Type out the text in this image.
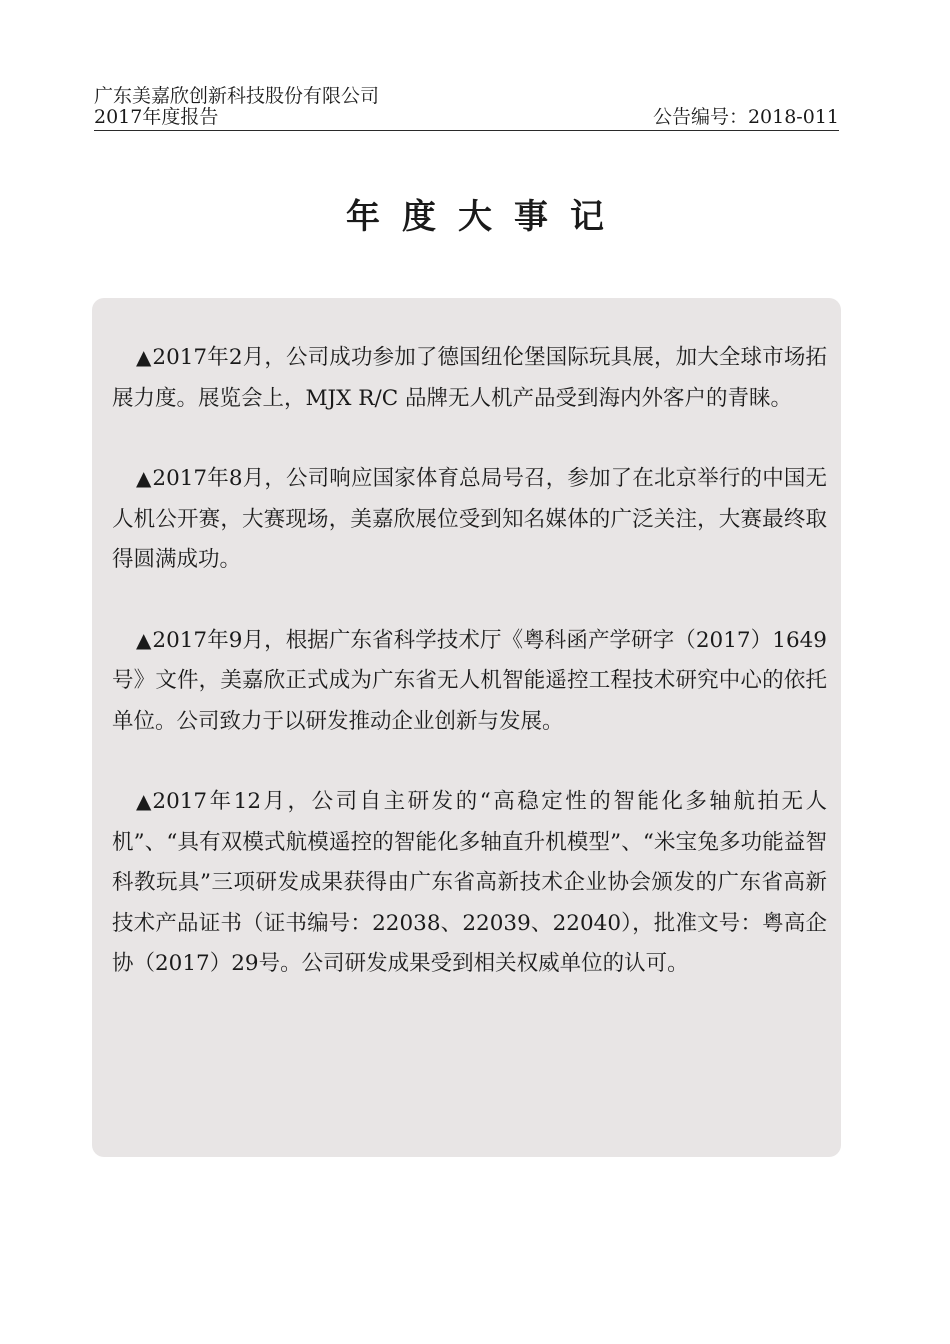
广东美嘉欣创新科技股份有限公司
2017年度报告	公告编号：2018-011
年度大事记

▲2017年2月，公司成功参加了德国纽伦堡国际玩具展，加大全球市场拓展力度。展览会上，MJX R/C 品牌无人机产品受到海内外客户的青睐。

▲2017年8月，公司响应国家体育总局号召，参加了在北京举行的中国无人机公开赛，大赛现场，美嘉欣展位受到知名媒体的广泛关注，大赛最终取得圆满成功。

▲2017年9月，根据广东省科学技术厅《粤科函产学研字（2017）1649号》文件，美嘉欣正式成为广东省无人机智能遥控工程技术研究中心的依托单位。公司致力于以研发推动企业创新与发展。

▲2017年12月，公司自主研发的“高稳定性的智能化多轴航拍无人机”、“具有双模式航模遥控的智能化多轴直升机模型”、“米宝兔多功能益智科教玩具”三项研发成果获得由广东省高新技术企业协会颁发的广东省高新技术产品证书（证书编号：22038、22039、22040），批准文号：粤高企协（2017）29号。公司研发成果受到相关权威单位的认可。
